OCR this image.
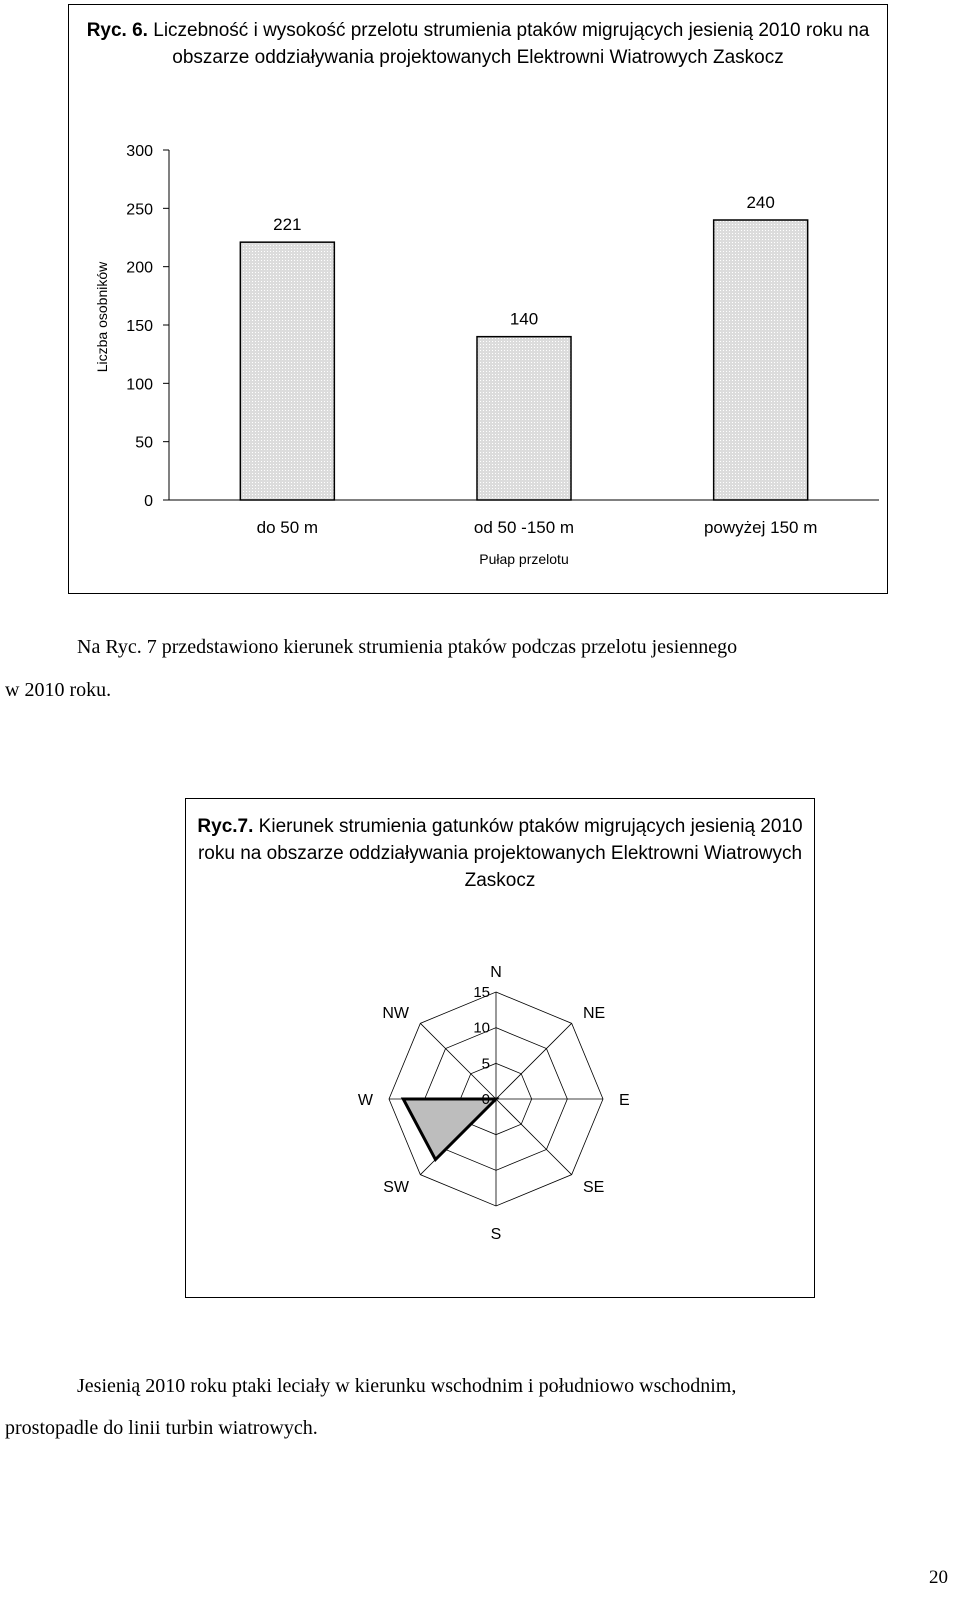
Ryc. 6. Liczebność i wysokość przelotu strumienia ptaków migrujących jesienią 2010 roku na obszarze oddziaływania projektowanych Elektrowni Wiatrowych Zaskocz
0
50
100
150
200
250
300
221
do 50 m
140
od 50 -150 m
240
powyżej 150 m
Pułap przelotu
Liczba osobników

Na Ryc. 7 przedstawiono kierunek strumienia ptaków podczas przelotu jesiennego

w 2010 roku.

Ryc.7. Kierunek strumienia gatunków ptaków migrujących jesienią 2010 roku na obszarze oddziaływania projektowanych Elektrowni Wiatrowych Zaskocz
0
5
10
15
N
NE
E
SE
S
SW
W
NW

Jesienią 2010 roku ptaki leciały w kierunku wschodnim i południowo wschodnim,

prostopadle do linii turbin wiatrowych.

20
